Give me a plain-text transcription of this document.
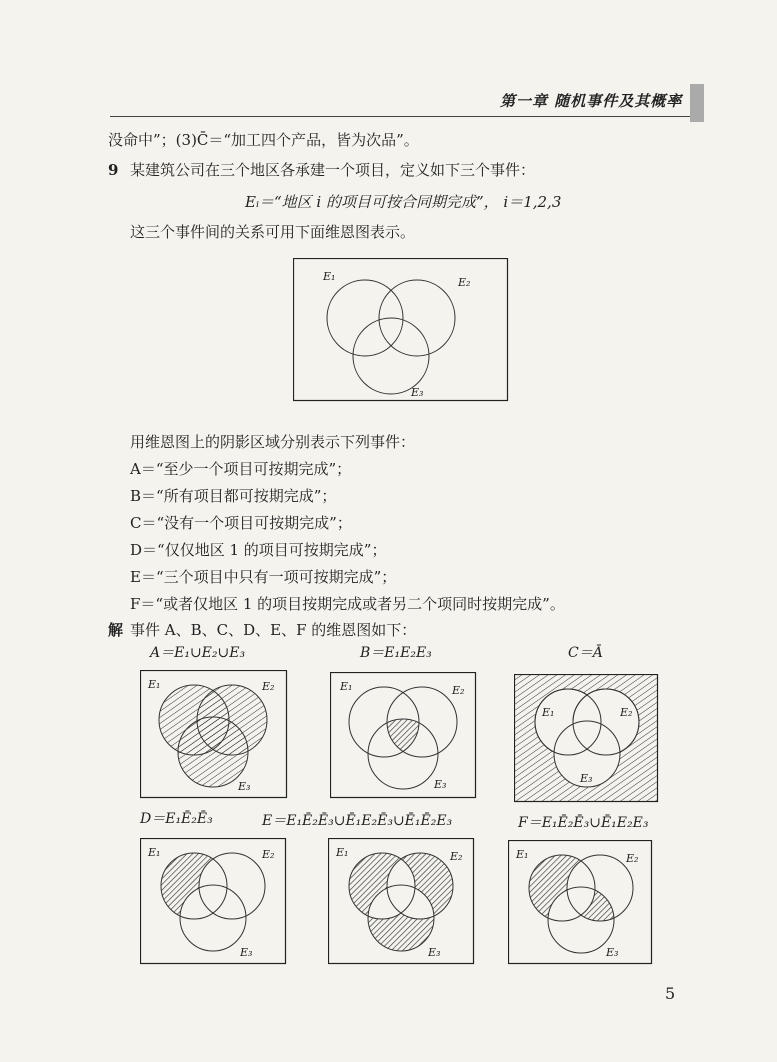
第一章 随机事件及其概率
没命中”；(3)C̄＝“加工四个产品，皆为次品”。
9 某建筑公司在三个地区各承建一个项目，定义如下三个事件：
Eᵢ＝“地区 i 的项目可按合同期完成”， i＝1,2,3
这三个事件间的关系可用下面维恩图表示。
E₁	E₂
E₃
用维恩图上的阴影区域分别表示下列事件：
A＝“至少一个项目可按期完成”；
B＝“所有项目都可按期完成”；
C＝“没有一个项目可按期完成”；
D＝“仅仅地区 1 的项目可按期完成”；
E＝“三个项目中只有一项可按期完成”；
F＝“或者仅地区 1 的项目按期完成或者另二个项同时按期完成”。
解 事件 A、B、C、D、E、F 的维恩图如下：
A＝E₁∪E₂∪E₃	B＝E₁E₂E₃	C＝Ā
E₁	E₂
E₃
E₁	E₂
E₃
E₁	E₂
E₃
D＝E₁Ē₂Ē₃	E＝E₁Ē₂Ē₃∪Ē₁E₂Ē₃∪Ē₁Ē₂E₃	F＝E₁Ē₂Ē₃∪Ē₁E₂E₃
E₁	E₂
E₃
E₁	E₂
E₃
E₁	E₂
E₃
5
